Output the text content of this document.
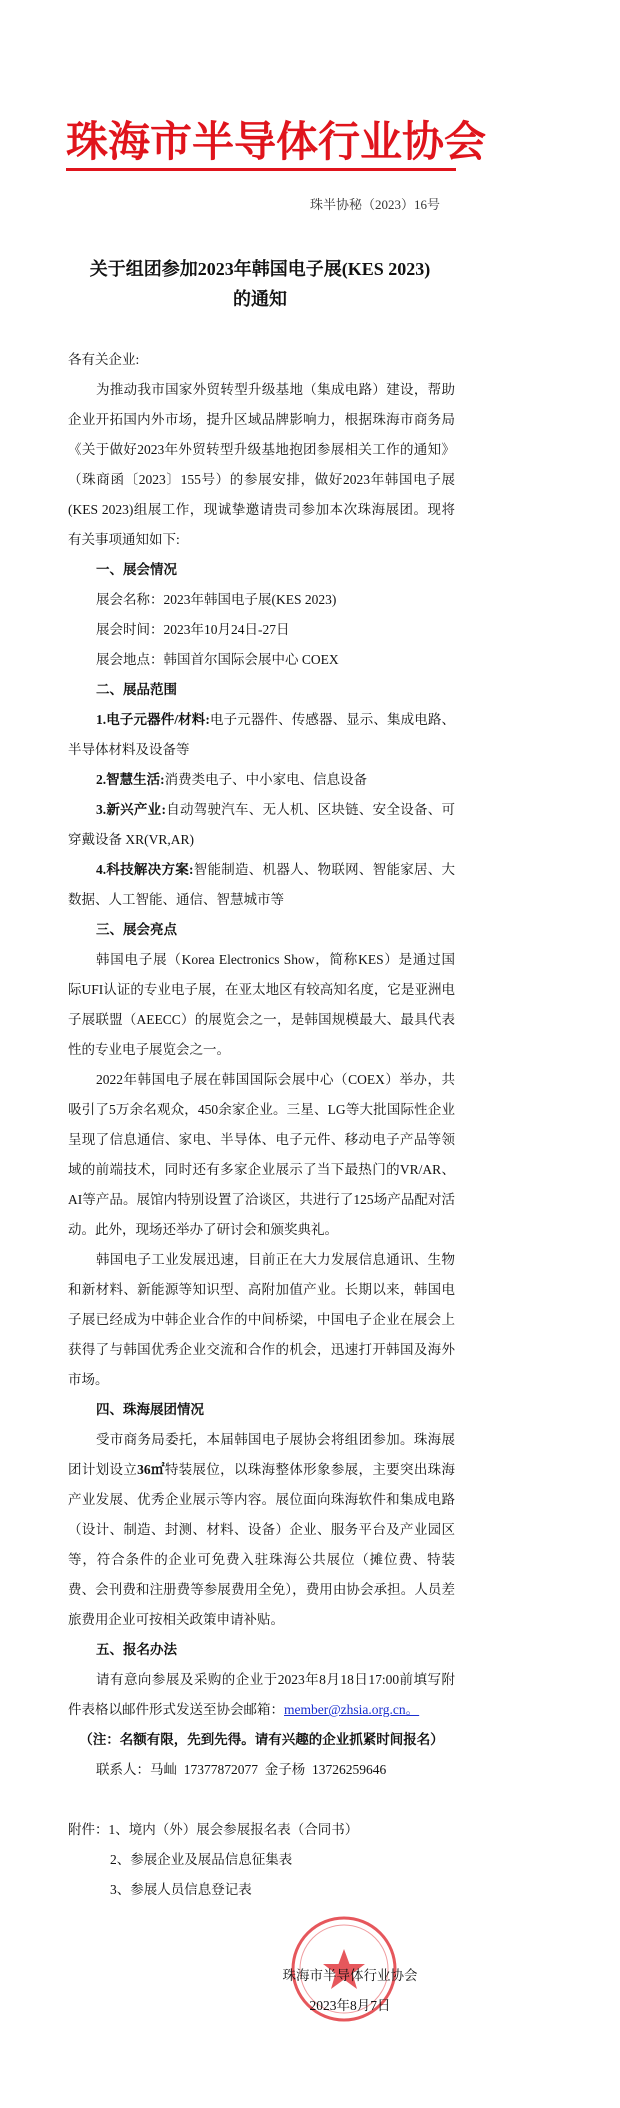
珠海市半导体行业协会
珠半协秘（2023）16号
关于组团参加2023年韩国电子展(KES 2023)
的通知

各有关企业:

为推动我市国家外贸转型升级基地（集成电路）建设，帮助企业开拓国内外市场，提升区域品牌影响力，根据珠海市商务局《关于做好2023年外贸转型升级基地抱团参展相关工作的通知》（珠商函〔2023〕155号）的参展安排，做好2023年韩国电子展(KES 2023)组展工作，现诚挚邀请贵司参加本次珠海展团。现将有关事项通知如下:

一、展会情况

展会名称：2023年韩国电子展(KES 2023)

展会时间：2023年10月24日-27日

展会地点：韩国首尔国际会展中心 COEX

二、展品范围

1.电子元器件/材料:电子元器件、传感器、显示、集成电路、半导体材料及设备等

2.智慧生活:消费类电子、中小家电、信息设备

3.新兴产业:自动驾驶汽车、无人机、区块链、安全设备、可穿戴设备 XR(VR,AR)

4.科技解决方案:智能制造、机器人、物联网、智能家居、大数据、人工智能、通信、智慧城市等

三、展会亮点

韩国电子展（Korea Electronics Show，简称KES）是通过国际UFI认证的专业电子展，在亚太地区有较高知名度，它是亚洲电子展联盟（AEECC）的展览会之一，是韩国规模最大、最具代表性的专业电子展览会之一。

2022年韩国电子展在韩国国际会展中心（COEX）举办，共吸引了5万余名观众，450余家企业。三星、LG等大批国际性企业呈现了信息通信、家电、半导体、电子元件、移动电子产品等领域的前端技术，同时还有多家企业展示了当下最热门的VR/AR、AI等产品。展馆内特别设置了洽谈区，共进行了125场产品配对活动。此外，现场还举办了研讨会和颁奖典礼。

韩国电子工业发展迅速，目前正在大力发展信息通讯、生物和新材料、新能源等知识型、高附加值产业。长期以来，韩国电子展已经成为中韩企业合作的中间桥梁，中国电子企业在展会上获得了与韩国优秀企业交流和合作的机会，迅速打开韩国及海外市场。

四、珠海展团情况

受市商务局委托，本届韩国电子展协会将组团参加。珠海展团计划设立36㎡特装展位，以珠海整体形象参展，主要突出珠海产业发展、优秀企业展示等内容。展位面向珠海软件和集成电路（设计、制造、封测、材料、设备）企业、服务平台及产业园区等，符合条件的企业可免费入驻珠海公共展位（摊位费、特装费、会刊费和注册费等参展费用全免），费用由协会承担。人员差旅费用企业可按相关政策申请补贴。

五、报名办法

请有意向参展及采购的企业于2023年8月18日17:00前填写附件表格以邮件形式发送至协会邮箱：member@zhsia.org.cn。

（注：名额有限，先到先得。请有兴趣的企业抓紧时间报名）

联系人：马屾  17377872077  金子杨  13726259646

附件：1、境内（外）展会参展报名表（合同书）
2、参展企业及展品信息征集表
3、参展人员信息登记表
珠海市半导体行业协会
2023年8月7日
